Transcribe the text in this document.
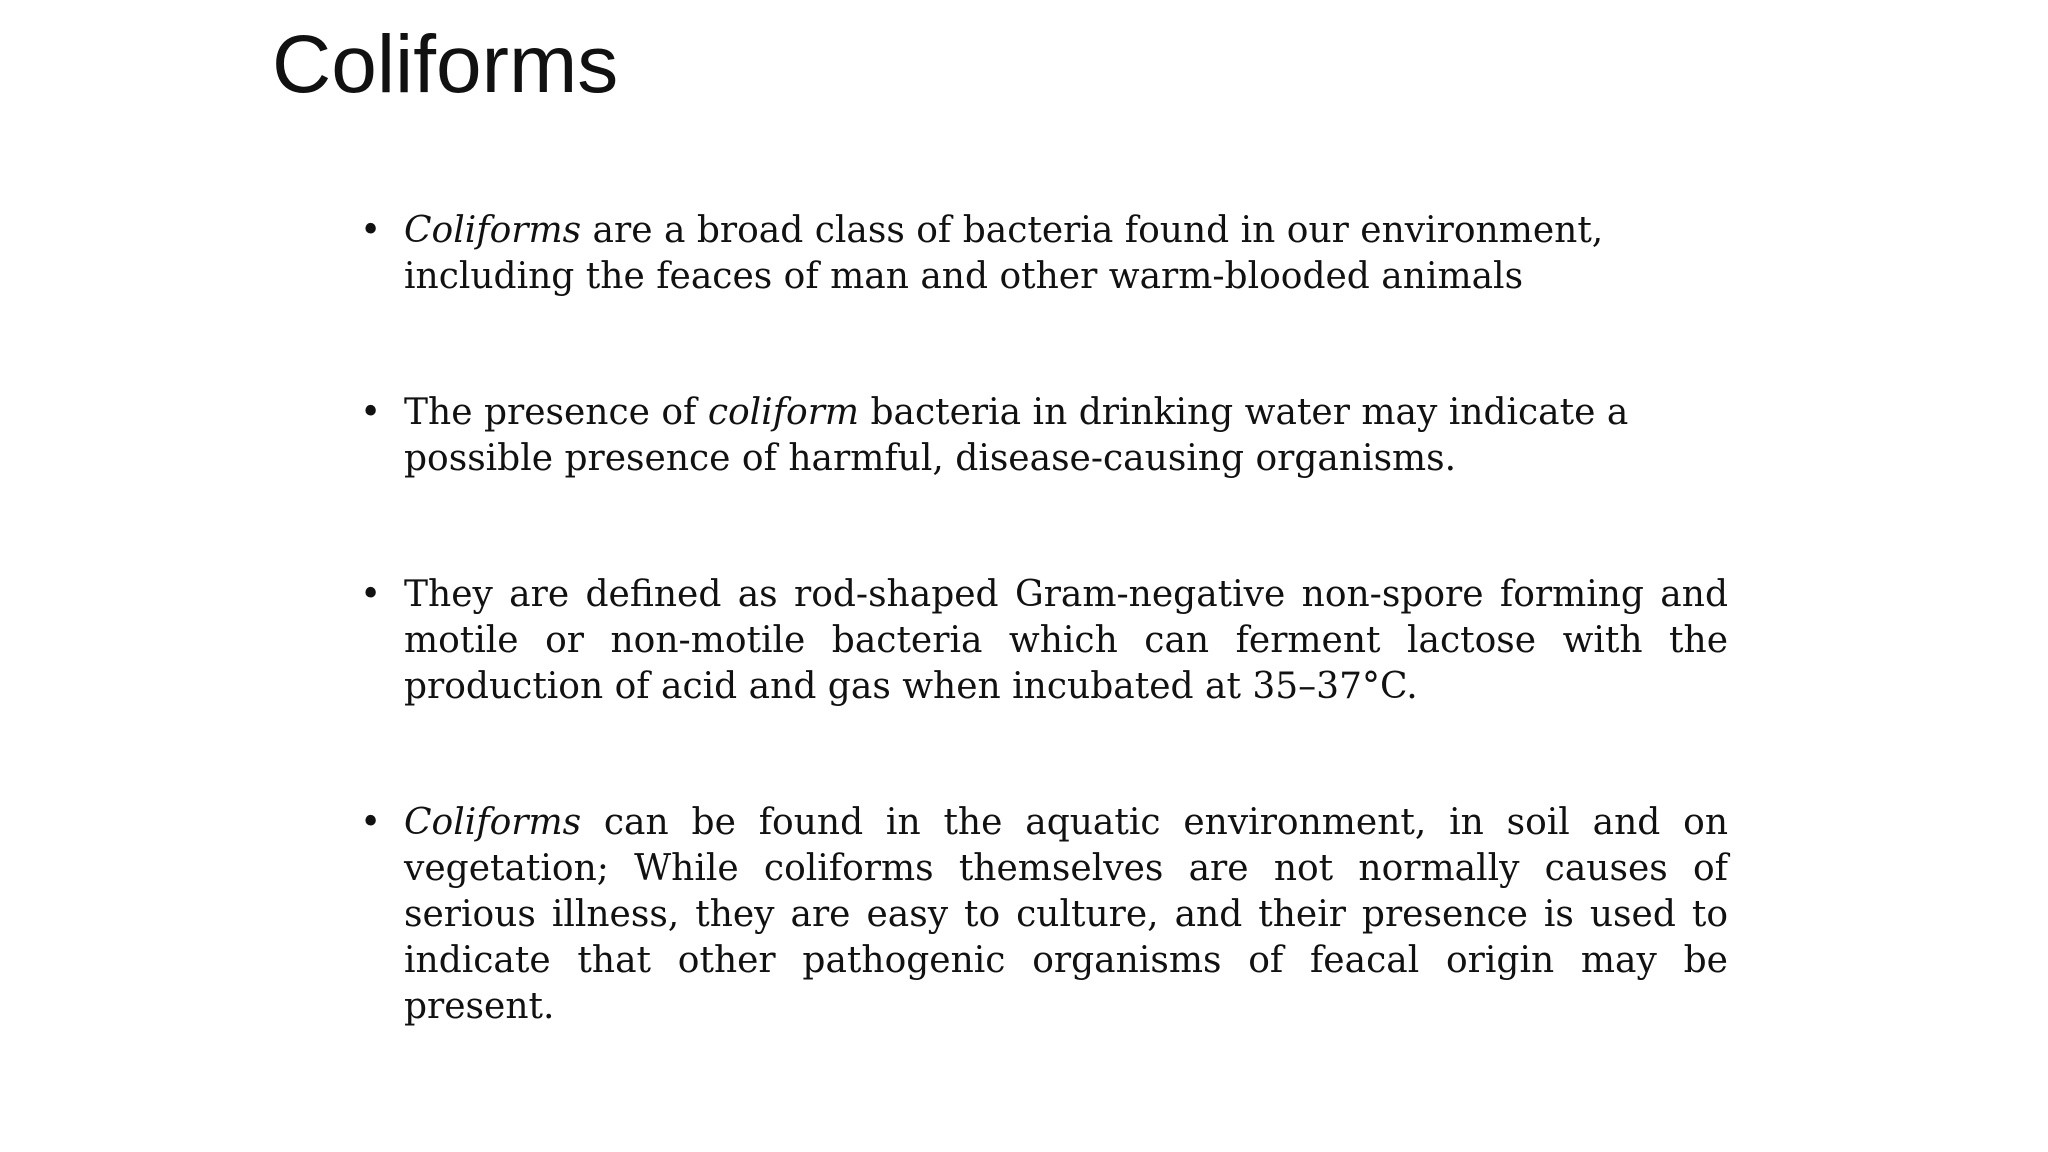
Coliforms
• Coliforms are a broad class of bacteria found in our environment, including the feaces of man and other warm-blooded animals
• The presence of coliform bacteria in drinking water may indicate a possible presence of harmful, disease-causing organisms.
• They are defined as rod-shaped Gram-negative non-spore forming and motile or non-motile bacteria which can ferment lactose with the production of acid and gas when incubated at 35–37°C.
• Coliforms can be found in the aquatic environment, in soil and on vegetation; While coliforms themselves are not normally causes of serious illness, they are easy to culture, and their presence is used to indicate that other pathogenic organisms of feacal origin may be present.
